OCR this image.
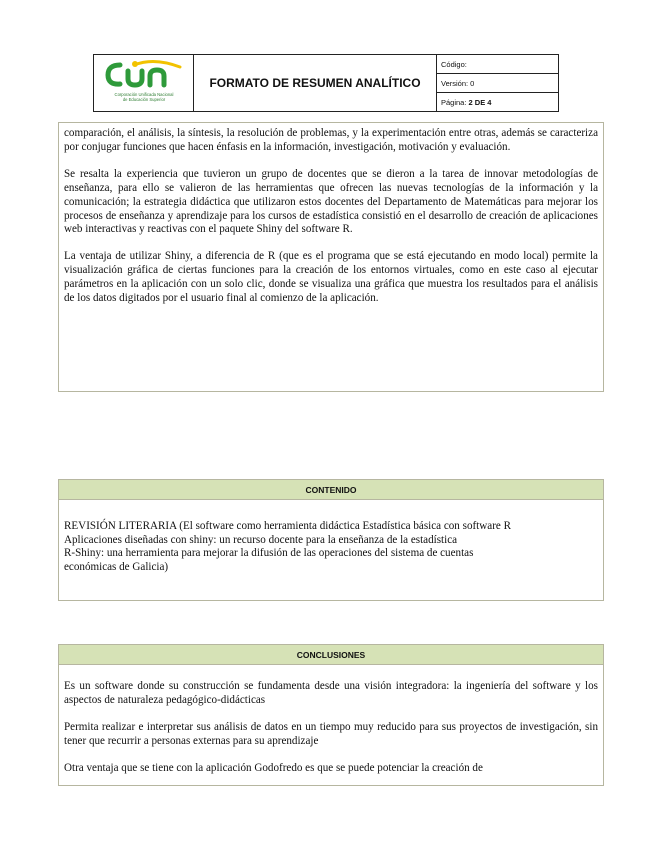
Corporación Unificada Nacional
de Educación Superior
FORMATO DE RESUMEN ANALÍTICO
Código:
Versión: 0
Página:
2 DE 4

comparación, el análisis, la síntesis, la resolución de problemas, y la experimentación entre otras, además se caracteriza por conjugar funciones que hacen énfasis en la información, investigación, motivación y evaluación.

Se resalta la experiencia que tuvieron un grupo de docentes que se dieron a la tarea de innovar metodologías de enseñanza, para ello se valieron de las herramientas que ofrecen las nuevas tecnologías de la información y la comunicación; la estrategia didáctica que utilizaron estos docentes del Departamento de Matemáticas para mejorar los procesos de enseñanza y aprendizaje para los cursos de estadística consistió en el desarrollo de creación de aplicaciones web interactivas y reactivas con el paquete Shiny del software R.

La ventaja de utilizar Shiny, a diferencia de R (que es el programa que se está ejecutando en modo local) permite la visualización gráfica de ciertas funciones para la creación de los entornos virtuales, como en este caso al ejecutar parámetros en la aplicación con un solo clic, donde se visualiza una gráfica que muestra los resultados para el análisis de los datos digitados por el usuario final al comienzo de la aplicación.

CONTENIDO
REVISIÓN LITERARIA (El software como herramienta didáctica Estadística básica con software R
Aplicaciones diseñadas con shiny: un recurso docente para la enseñanza de la estadística
R-Shiny: una herramienta para mejorar la difusión de las operaciones del sistema de cuentas
económicas de Galicia)
CONCLUSIONES

Es un software donde su construcción se fundamenta desde una visión integradora: la ingeniería del software y los aspectos de naturaleza pedagógico-didácticas

Permita realizar e interpretar sus análisis de datos en un tiempo muy reducido para sus proyectos de investigación, sin tener que recurrir a personas externas para su aprendizaje

Otra ventaja que se tiene con la aplicación Godofredo es que se puede potenciar la creación de
